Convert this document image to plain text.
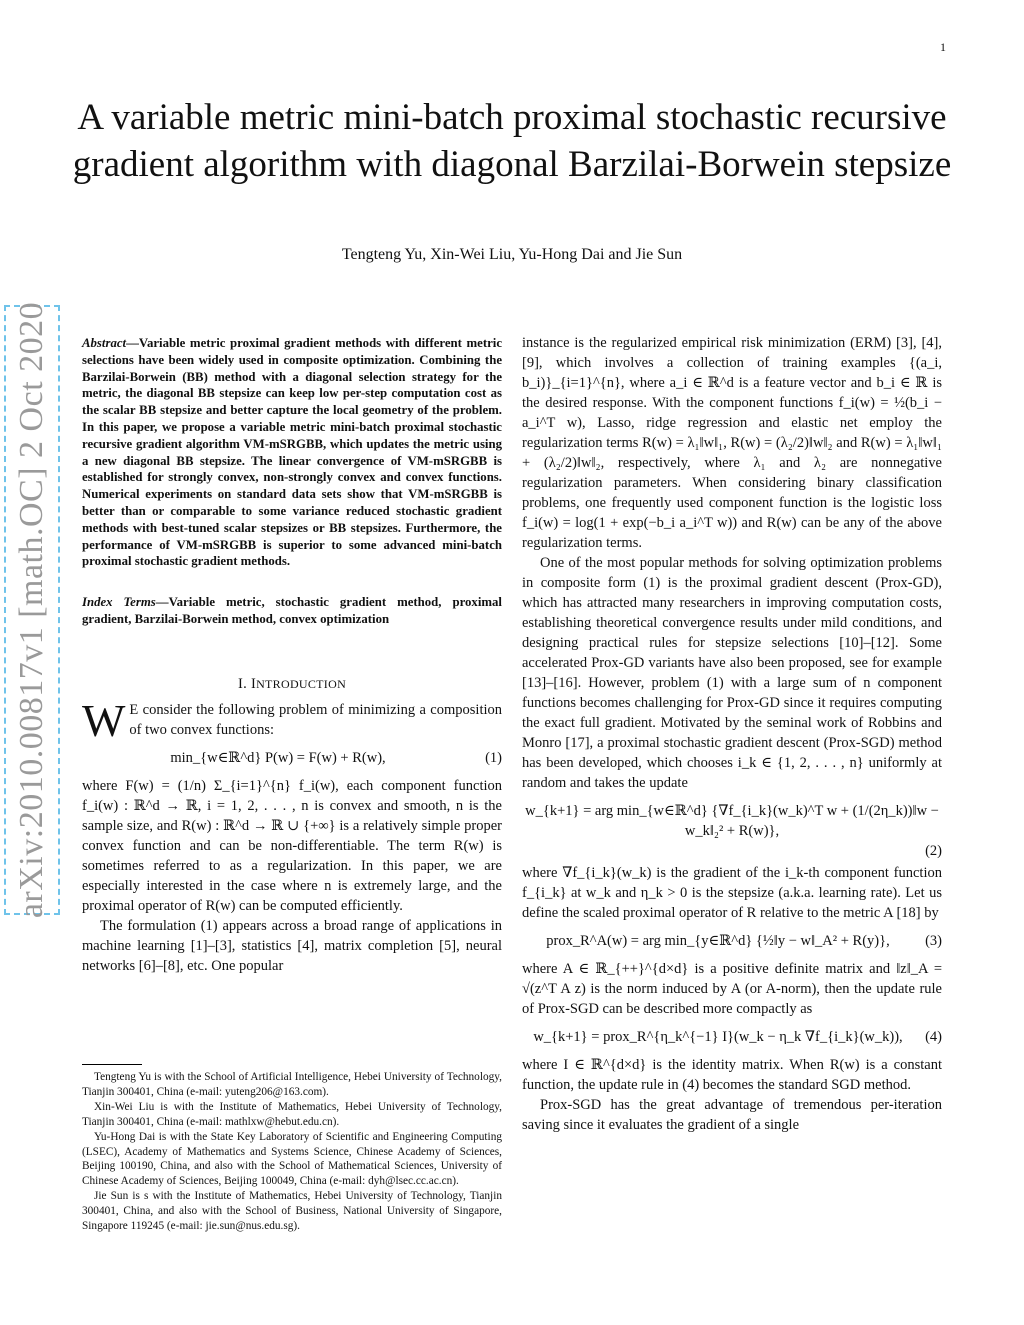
1
A variable metric mini-batch proximal stochastic recursive gradient algorithm with diagonal Barzilai-Borwein stepsize
Tengteng Yu, Xin-Wei Liu, Yu-Hong Dai and Jie Sun
arXiv:2010.00817v1 [math.OC] 2 Oct 2020	Abstract—Variable metric proximal gradient methods with different metric selections have been widely used in composite optimization. Combining the Barzilai-Borwein (BB) method with a diagonal selection strategy for the metric, the diagonal BB stepsize can keep low per-step computation cost as the scalar BB stepsize and better capture the local geometry of the problem. In this paper, we propose a variable metric mini-batch proximal stochastic recursive gradient algorithm VM-mSRGBB, which updates the metric using a new diagonal BB stepsize. The linear convergence of VM-mSRGBB is established for strongly convex, non-strongly convex and convex functions. Numerical experiments on standard data sets show that VM-mSRGBB is better than or comparable to some variance reduced stochastic gradient methods with best-tuned scalar stepsizes or BB stepsizes. Furthermore, the performance of VM-mSRGBB is superior to some advanced mini-batch proximal stochastic gradient methods.

Index Terms—Variable metric, stochastic gradient method, proximal gradient, Barzilai-Borwein method, convex optimization

I. INTRODUCTION

W E consider the following problem of minimizing a composition of two convex functions:

min_{w∈ℝ^d} P(w) = F(w) + R(w),	(1)

where F(w) = (1/n) Σ_{i=1}^{n} f_i(w), each component function f_i(w) : ℝ^d → ℝ, i = 1, 2, . . . , n is convex and smooth, n is the sample size, and R(w) : ℝ^d → ℝ ∪ {+∞} is a relatively simple proper convex function and can be non-differentiable. The term R(w) is sometimes referred to as a regularization. In this paper, we are especially interested in the case where n is extremely large, and the proximal operator of R(w) can be computed efficiently.

The formulation (1) appears across a broad range of applications in machine learning [1]–[3], statistics [4], matrix completion [5], neural networks [6]–[8], etc. One popular

Tengteng Yu is with the School of Artificial Intelligence, Hebei University of Technology, Tianjin 300401, China (e-mail: yuteng206@163.com).

Xin-Wei Liu is with the Institute of Mathematics, Hebei University of Technology, Tianjin 300401, China (e-mail: mathlxw@hebut.edu.cn).

Yu-Hong Dai is with the State Key Laboratory of Scientific and Engineering Computing (LSEC), Academy of Mathematics and Systems Science, Chinese Academy of Sciences, Beijing 100190, China, and also with the School of Mathematical Sciences, University of Chinese Academy of Sciences, Beijing 100049, China (e-mail: dyh@lsec.cc.ac.cn).

Jie Sun is s with the Institute of Mathematics, Hebei University of Technology, Tianjin 300401, China, and also with the School of Business, National University of Singapore, Singapore 119245 (e-mail: jie.sun@nus.edu.sg).

instance is the regularized empirical risk minimization (ERM) [3], [4], [9], which involves a collection of training examples {(a_i, b_i)}_{i=1}^{n}, where a_i ∈ ℝ^d is a feature vector and b_i ∈ ℝ is the desired response. With the component functions f_i(w) = ½(b_i − a_i^T w), Lasso, ridge regression and elastic net employ the regularization terms R(w) = λ₁‖w‖₁, R(w) = (λ₂/2)‖w‖₂ and R(w) = λ₁‖w‖₁ + (λ₂/2)‖w‖₂, respectively, where λ₁ and λ₂ are nonnegative regularization parameters. When considering binary classification problems, one frequently used component function is the logistic loss f_i(w) = log(1 + exp(−b_i a_i^T w)) and R(w) can be any of the above regularization terms.

One of the most popular methods for solving optimization problems in composite form (1) is the proximal gradient descent (Prox-GD), which has attracted many researchers in improving computation costs, establishing theoretical convergence results under mild conditions, and designing practical rules for stepsize selections [10]–[12]. Some accelerated Prox-GD variants have also been proposed, see for example [13]–[16]. However, problem (1) with a large sum of n component functions becomes challenging for Prox-GD since it requires computing the exact full gradient. Motivated by the seminal work of Robbins and Monro [17], a proximal stochastic gradient descent (Prox-SGD) method has been developed, which chooses i_k ∈ {1, 2, . . . , n} uniformly at random and takes the update

w_{k+1} = arg min_{w∈ℝ^d} {∇f_{i_k}(w_k)^T w + (1/(2η_k))‖w − w_k‖₂² + R(w)},
(2)

where ∇f_{i_k}(w_k) is the gradient of the i_k-th component function f_{i_k} at w_k and η_k > 0 is the stepsize (a.k.a. learning rate). Let us define the scaled proximal operator of R relative to the metric A [18] by

prox_R^A(w) = arg min_{y∈ℝ^d} {½‖y − w‖_A² + R(y)},	(3)

where A ∈ ℝ_{++}^{d×d} is a positive definite matrix and ‖z‖_A = √(z^T A z) is the norm induced by A (or A-norm), then the update rule of Prox-SGD can be described more compactly as

w_{k+1} = prox_R^{η_k^{−1} I}(w_k − η_k ∇f_{i_k}(w_k)),	(4)

where I ∈ ℝ^{d×d} is the identity matrix. When R(w) is a constant function, the update rule in (4) becomes the standard SGD method.

Prox-SGD has the great advantage of tremendous per-iteration saving since it evaluates the gradient of a single
